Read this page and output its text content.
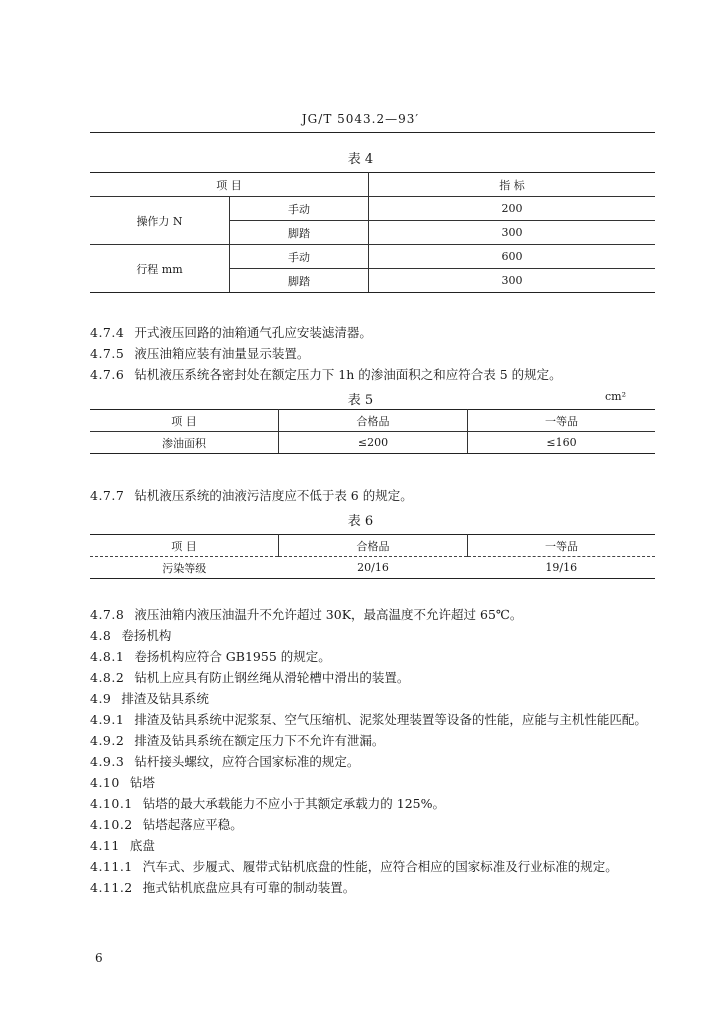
JG/T 5043.2—93′
表 4
项 目		指 标
操作力 N	手动	200
	脚踏	300
行程 mm	手动	600
	脚踏	300
4.7.4 开式液压回路的油箱通气孔应安装滤清器。
4.7.5 液压油箱应装有油量显示装置。
4.7.6 钻机液压系统各密封处在额定压力下 1h 的渗油面积之和应符合表 5 的规定。
表 5	cm²
项 目	合格品	一等品
渗油面积	≤200	≤160
4.7.7 钻机液压系统的油液污洁度应不低于表 6 的规定。
表 6
项 目	合格品	一等品
污染等级	20/16	19/16
4.7.8 液压油箱内液压油温升不允许超过 30K，最高温度不允许超过 65℃。
4.8 卷扬机构
4.8.1 卷扬机构应符合 GB1955 的规定。
4.8.2 钻机上应具有防止钢丝绳从滑轮槽中滑出的装置。
4.9 排渣及钻具系统
4.9.1 排渣及钻具系统中泥浆泵、空气压缩机、泥浆处理装置等设备的性能，应能与主机性能匹配。
4.9.2 排渣及钻具系统在额定压力下不允许有泄漏。
4.9.3 钻杆接头螺纹，应符合国家标准的规定。
4.10 钻塔
4.10.1 钻塔的最大承载能力不应小于其额定承载力的 125%。
4.10.2 钻塔起落应平稳。
4.11 底盘
4.11.1 汽车式、步履式、履带式钻机底盘的性能，应符合相应的国家标准及行业标准的规定。
4.11.2 拖式钻机底盘应具有可靠的制动装置。
6
